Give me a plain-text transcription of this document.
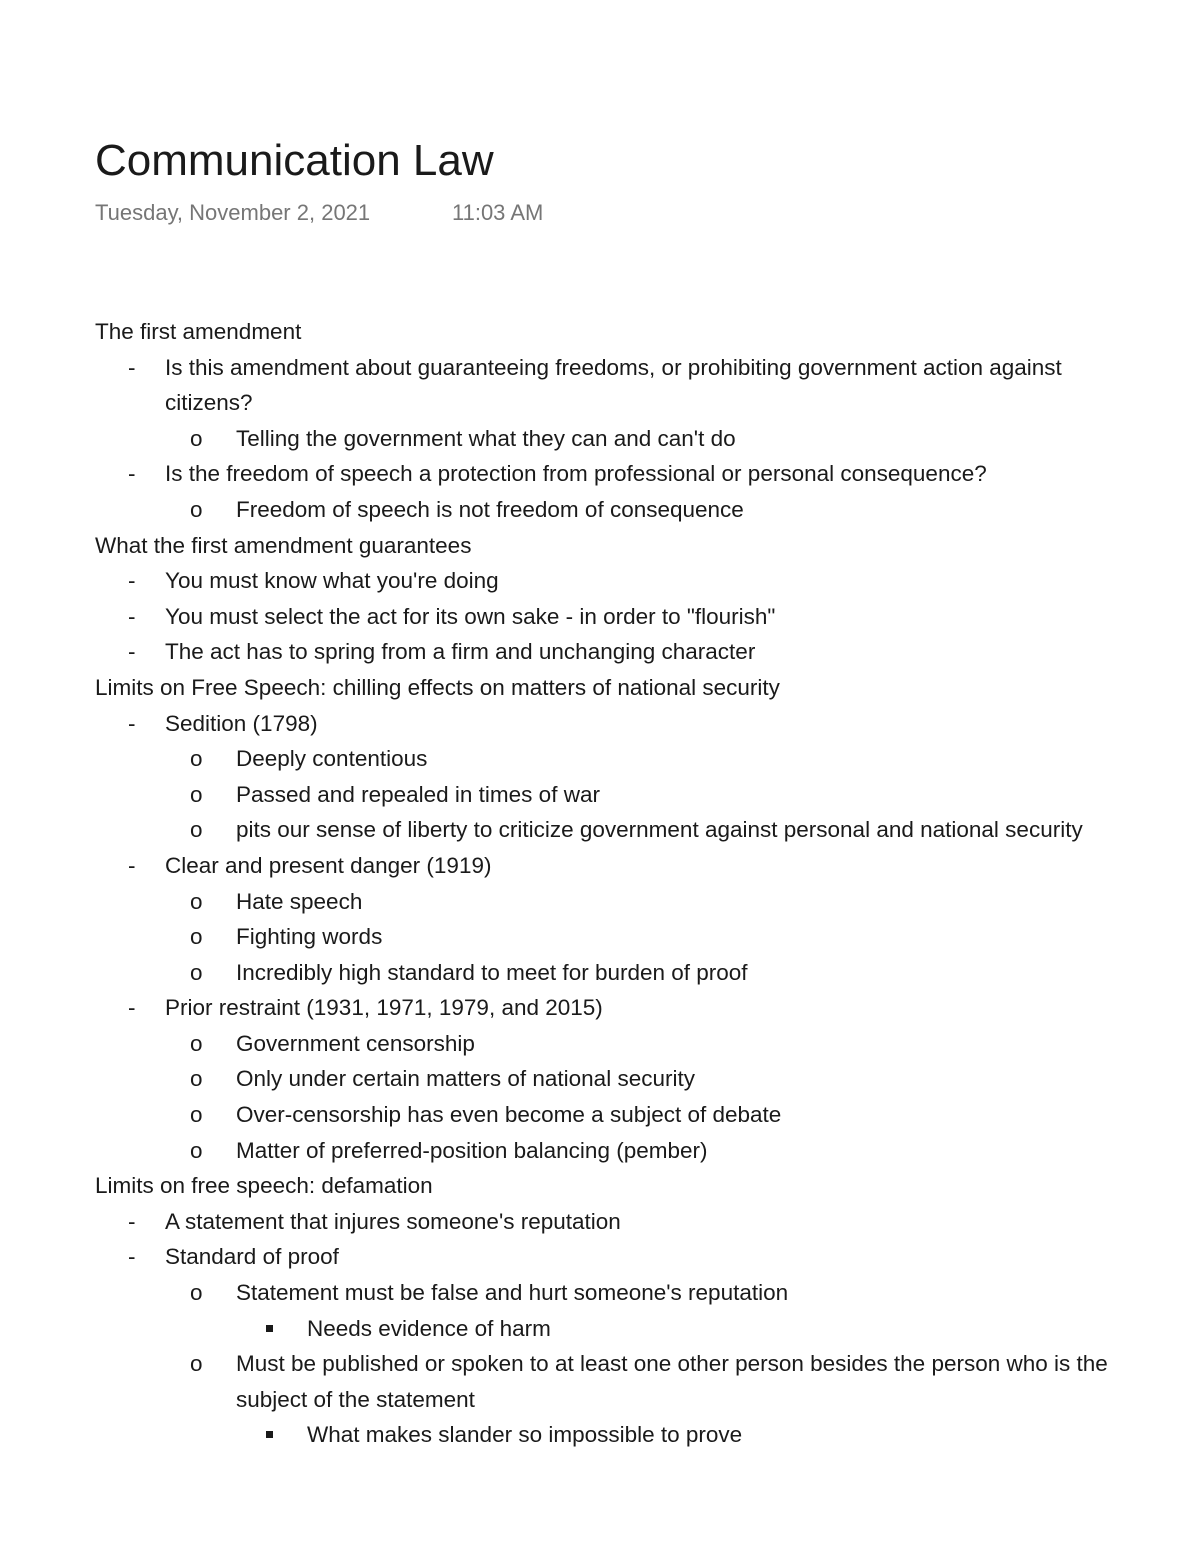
Communication Law
Tuesday, November 2, 2021	11:03 AM
The first amendment
- Is this amendment about guaranteeing freedoms, or prohibiting government action against
citizens?
o Telling the government what they can and can't do
- Is the freedom of speech a protection from professional or personal consequence?
o Freedom of speech is not freedom of consequence
What the first amendment guarantees
- You must know what you're doing
- You must select the act for its own sake - in order to "flourish"
- The act has to spring from a firm and unchanging character
Limits on Free Speech: chilling effects on matters of national security
- Sedition (1798)
o Deeply contentious
o Passed and repealed in times of war
o pits our sense of liberty to criticize government against personal and national security
- Clear and present danger (1919)
o Hate speech
o Fighting words
o Incredibly high standard to meet for burden of proof
- Prior restraint (1931, 1971, 1979, and 2015)
o Government censorship
o Only under certain matters of national security
o Over-censorship has even become a subject of debate
o Matter of preferred-position balancing (pember)
Limits on free speech: defamation
- A statement that injures someone's reputation
- Standard of proof
o Statement must be false and hurt someone's reputation
Needs evidence of harm
o Must be published or spoken to at least one other person besides the person who is the
subject of the statement
What makes slander so impossible to prove
